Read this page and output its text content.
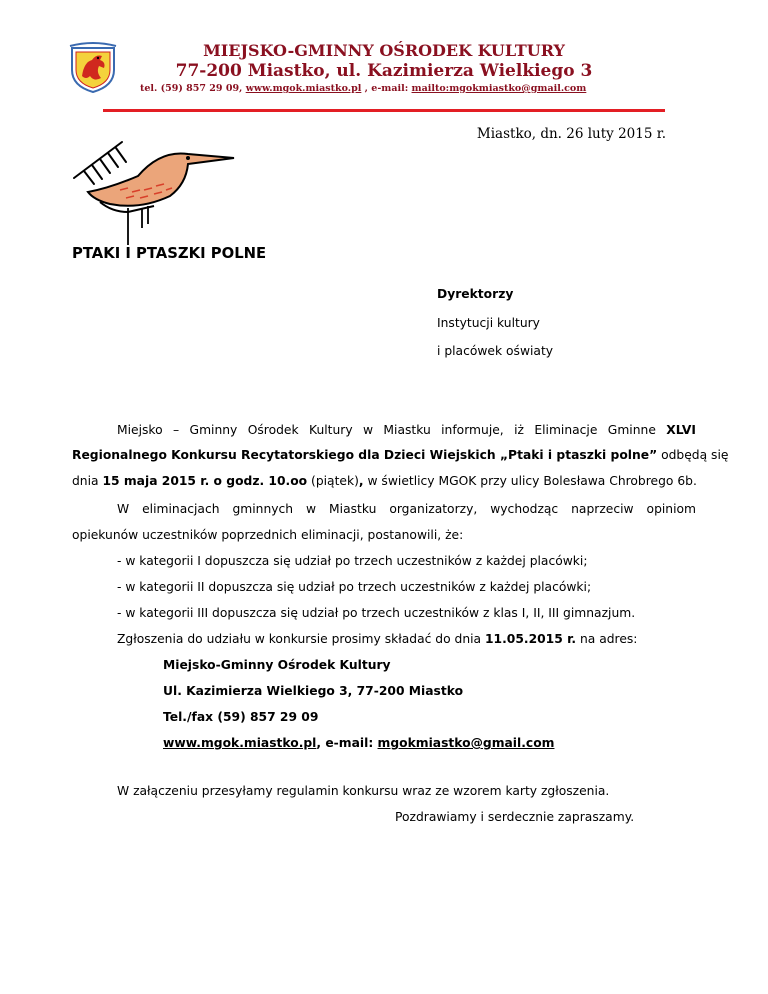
MIEJSKO-GMINNY OŚRODEK KULTURY
77-200 Miastko, ul. Kazimierza Wielkiego 3
tel. (59) 857 29 09, www.mgok.miastko.pl , e-mail: mailto:mgokmiastko@gmail.com
Miastko, dn. 26 luty 2015 r.
PTAKI I PTASZKI POLNE
Dyrektorzy
Instytucji kultury
i placówek oświaty
Miejsko – Gminny Ośrodek Kultury w Miastku informuje, iż Eliminacje Gminne XLVI
Regionalnego Konkursu Recytatorskiego dla Dzieci Wiejskich „Ptaki i ptaszki polne” odbędą się
dnia 15 maja 2015 r. o godz. 10.oo (piątek), w świetlicy MGOK przy ulicy Bolesława Chrobrego 6b.
W eliminacjach gminnych w Miastku organizatorzy, wychodząc naprzeciw opiniom
opiekunów uczestników poprzednich eliminacji, postanowili, że:
- w kategorii I dopuszcza się udział po trzech uczestników z każdej placówki;
- w kategorii II dopuszcza się udział po trzech uczestników z każdej placówki;
- w kategorii III dopuszcza się udział po trzech uczestników z klas I, II, III gimnazjum.
Zgłoszenia do udziału w konkursie prosimy składać do dnia 11.05.2015 r. na adres:
Miejsko-Gminny Ośrodek Kultury
Ul. Kazimierza Wielkiego 3, 77-200 Miastko
Tel./fax (59) 857 29 09
www.mgok.miastko.pl, e-mail: mgokmiastko@gmail.com
W załączeniu przesyłamy regulamin konkursu wraz ze wzorem karty zgłoszenia.
Pozdrawiamy i serdecznie zapraszamy.
